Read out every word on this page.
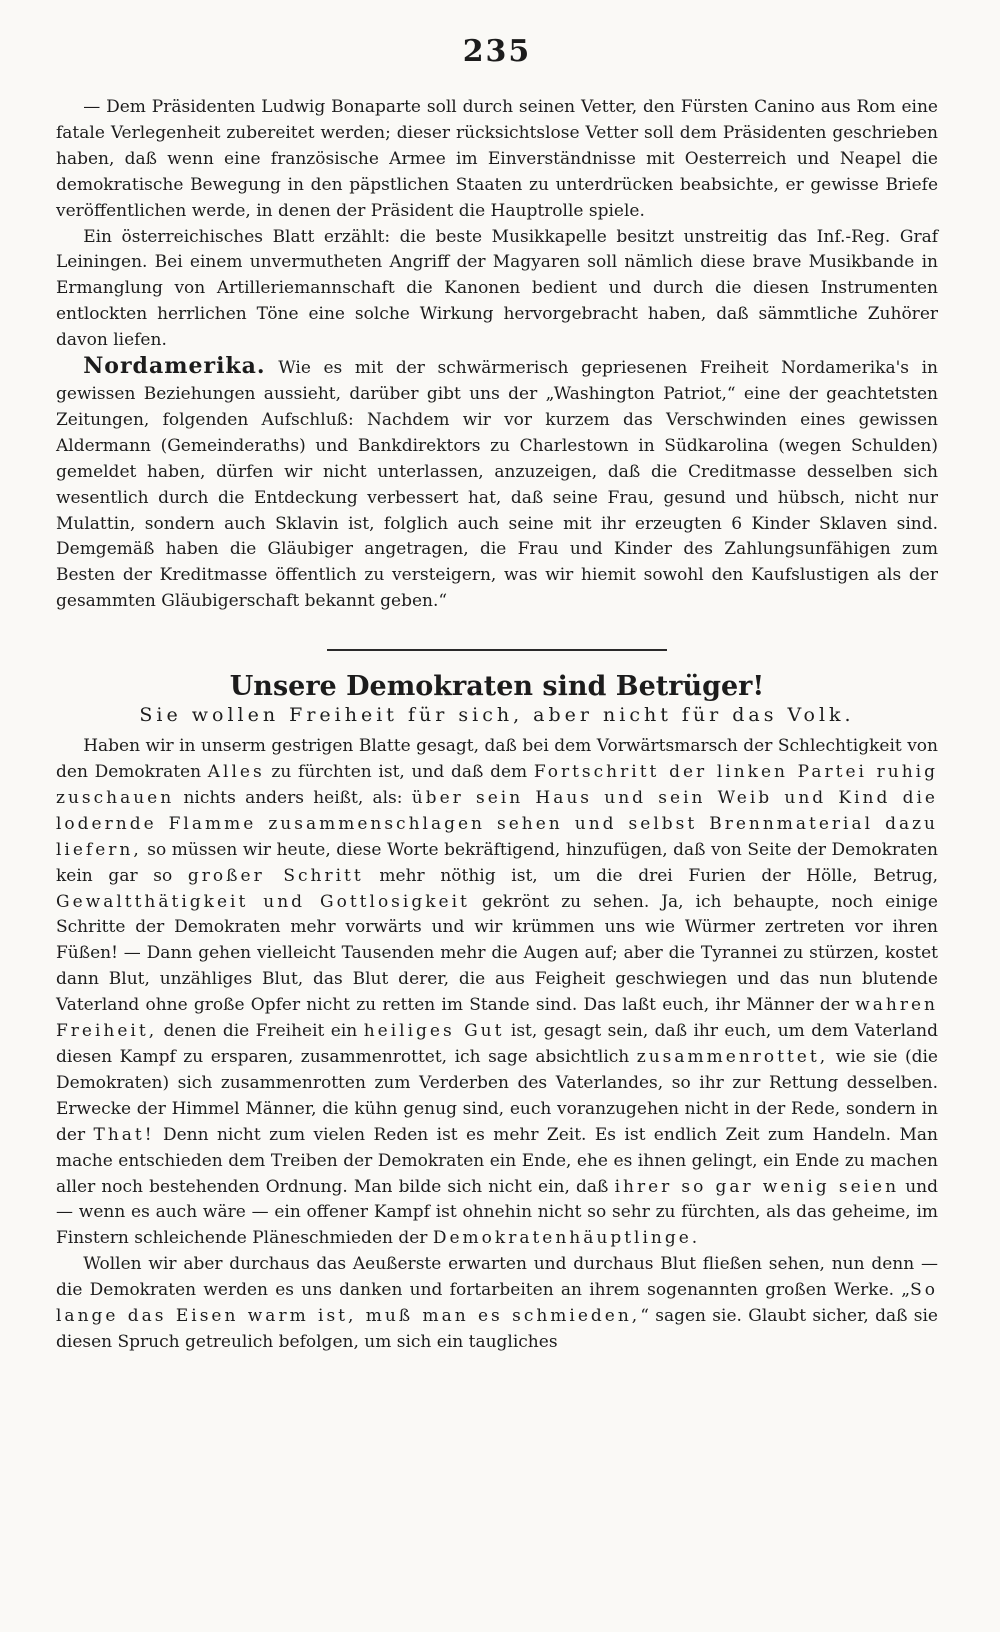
235

— Dem Präsidenten Ludwig Bonaparte soll durch seinen Vetter, den Fürsten Canino aus Rom eine fatale Verlegenheit zubereitet werden; dieser rücksichtslose Vetter soll dem Präsidenten geschrieben haben, daß wenn eine französische Armee im Einverständnisse mit Oesterreich und Neapel die demokratische Bewegung in den päpstlichen Staaten zu unterdrücken beabsichte, er gewisse Briefe veröffentlichen werde, in denen der Präsident die Hauptrolle spiele.

Ein österreichisches Blatt erzählt: die beste Musikkapelle besitzt unstreitig das Inf.-Reg. Graf Leiningen. Bei einem unvermutheten Angriff der Magyaren soll nämlich diese brave Musikbande in Ermanglung von Artilleriemannschaft die Kanonen bedient und durch die diesen Instrumenten entlockten herrlichen Töne eine solche Wirkung hervorgebracht haben, daß sämmtliche Zuhörer davon liefen.

Nordamerika. Wie es mit der schwärmerisch gepriesenen Freiheit Nordamerika's in gewissen Beziehungen aussieht, darüber gibt uns der „Washington Patriot,“ eine der geachtetsten Zeitungen, folgenden Aufschluß: Nachdem wir vor kurzem das Verschwinden eines gewissen Aldermann (Gemeinderaths) und Bankdirektors zu Charlestown in Südkarolina (wegen Schulden) gemeldet haben, dürfen wir nicht unterlassen, anzuzeigen, daß die Creditmasse desselben sich wesentlich durch die Entdeckung verbessert hat, daß seine Frau, gesund und hübsch, nicht nur Mulattin, sondern auch Sklavin ist, folglich auch seine mit ihr erzeugten 6 Kinder Sklaven sind. Demgemäß haben die Gläubiger angetragen, die Frau und Kinder des Zahlungsunfähigen zum Besten der Kreditmasse öffentlich zu versteigern, was wir hiemit sowohl den Kaufslustigen als der gesammten Gläubigerschaft bekannt geben.“

Unsere Demokraten sind Betrüger!
Sie wollen Freiheit für sich, aber nicht für das Volk.

Haben wir in unserm gestrigen Blatte gesagt, daß bei dem Vorwärtsmarsch der Schlechtigkeit von den Demokraten Alles zu fürchten ist, und daß dem Fortschritt der linken Partei ruhig zuschauen nichts anders heißt, als: über sein Haus und sein Weib und Kind die lodernde Flamme zusammenschlagen sehen und selbst Brennmaterial dazu liefern, so müssen wir heute, diese Worte bekräftigend, hinzufügen, daß von Seite der Demokraten kein gar so großer Schritt mehr nöthig ist, um die drei Furien der Hölle, Betrug, Gewaltthätigkeit und Gottlosigkeit gekrönt zu sehen. Ja, ich behaupte, noch einige Schritte der Demokraten mehr vorwärts und wir krümmen uns wie Würmer zertreten vor ihren Füßen! — Dann gehen vielleicht Tausenden mehr die Augen auf; aber die Tyrannei zu stürzen, kostet dann Blut, unzähliges Blut, das Blut derer, die aus Feigheit geschwiegen und das nun blutende Vaterland ohne große Opfer nicht zu retten im Stande sind. Das laßt euch, ihr Männer der wahren Freiheit, denen die Freiheit ein heiliges Gut ist, gesagt sein, daß ihr euch, um dem Vaterland diesen Kampf zu ersparen, zusammenrottet, ich sage absichtlich zusammenrottet, wie sie (die Demokraten) sich zusammenrotten zum Verderben des Vaterlandes, so ihr zur Rettung desselben. Erwecke der Himmel Männer, die kühn genug sind, euch voranzugehen nicht in der Rede, sondern in der That! Denn nicht zum vielen Reden ist es mehr Zeit. Es ist endlich Zeit zum Handeln. Man mache entschieden dem Treiben der Demokraten ein Ende, ehe es ihnen gelingt, ein Ende zu machen aller noch bestehenden Ordnung. Man bilde sich nicht ein, daß ihrer so gar wenig seien und — wenn es auch wäre — ein offener Kampf ist ohnehin nicht so sehr zu fürchten, als das geheime, im Finstern schleichende Pläneschmieden der Demokratenhäuptlinge.

Wollen wir aber durchaus das Aeußerste erwarten und durchaus Blut fließen sehen, nun denn — die Demokraten werden es uns danken und fortarbeiten an ihrem sogenannten großen Werke. „So lange das Eisen warm ist, muß man es schmieden,“ sagen sie. Glaubt sicher, daß sie diesen Spruch getreulich befolgen, um sich ein taugliches
